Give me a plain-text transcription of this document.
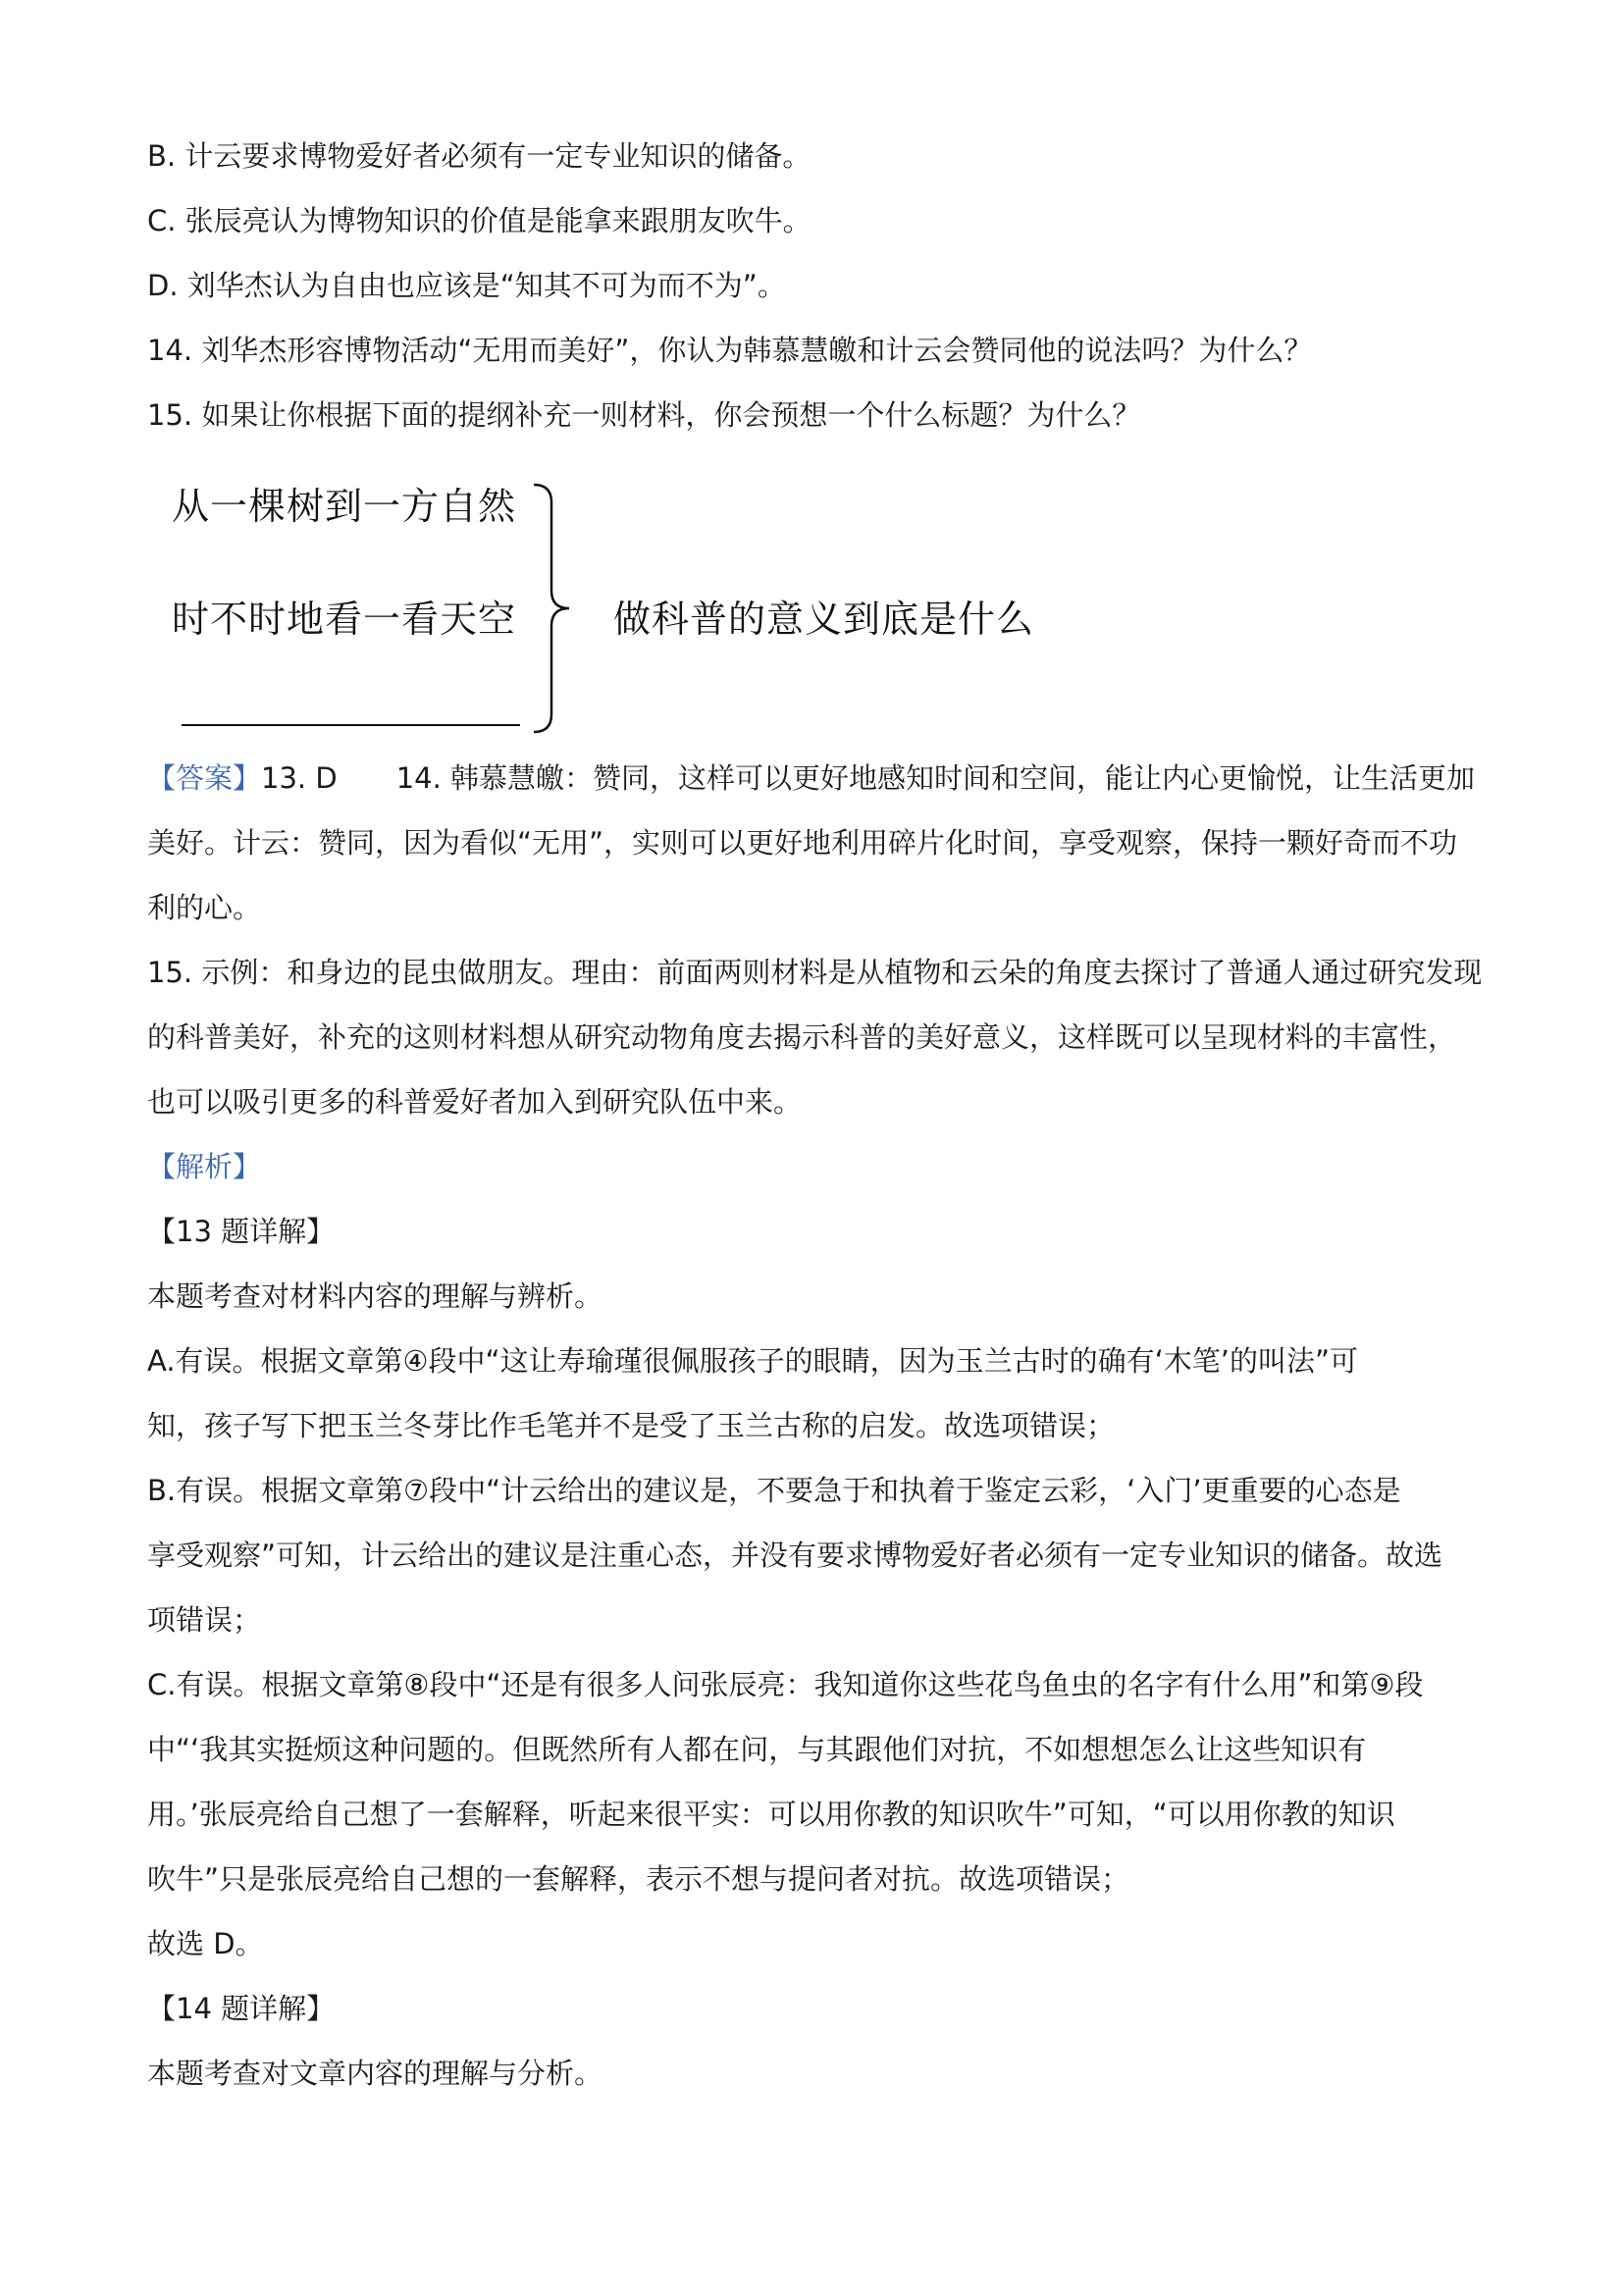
B. 计云要求博物爱好者必须有一定专业知识的储备。
C. 张辰亮认为博物知识的价值是能拿来跟朋友吹牛。
D. 刘华杰认为自由也应该是“知其不可为而不为”。
14. 刘华杰形容博物活动“无用而美好”，你认为韩慕慧皦和计云会赞同他的说法吗？为什么？
15. 如果让你根据下面的提纲补充一则材料，你会预想一个什么标题？为什么？
从一棵树到一方自然
时不时地看一看天空	做科普的意义到底是什么
【答案】13. D 14. 韩慕慧皦：赞同，这样可以更好地感知时间和空间，能让内心更愉悦，让生活更加
美好。计云：赞同，因为看似“无用”，实则可以更好地利用碎片化时间，享受观察，保持一颗好奇而不功
利的心。
15. 示例：和身边的昆虫做朋友。理由：前面两则材料是从植物和云朵的角度去探讨了普通人通过研究发现
的科普美好，补充的这则材料想从研究动物角度去揭示科普的美好意义，这样既可以呈现材料的丰富性，
也可以吸引更多的科普爱好者加入到研究队伍中来。
【解析】
【13 题详解】
本题考查对材料内容的理解与辨析。
A.有误。根据文章第④段中“这让寿瑜瑾很佩服孩子的眼睛，因为玉兰古时的确有‘木笔’的叫法”可
知，孩子写下把玉兰冬芽比作毛笔并不是受了玉兰古称的启发。故选项错误；
B.有误。根据文章第⑦段中“计云给出的建议是，不要急于和执着于鉴定云彩，‘入门’更重要的心态是
享受观察”可知，计云给出的建议是注重心态，并没有要求博物爱好者必须有一定专业知识的储备。故选
项错误；
C.有误。根据文章第⑧段中“还是有很多人问张辰亮：我知道你这些花鸟鱼虫的名字有什么用”和第⑨段
中“‘我其实挺烦这种问题的。但既然所有人都在问，与其跟他们对抗，不如想想怎么让这些知识有
用。’张辰亮给自己想了一套解释，听起来很平实：可以用你教的知识吹牛”可知，“可以用你教的知识
吹牛”只是张辰亮给自己想的一套解释，表示不想与提问者对抗。故选项错误；
故选 D。
【14 题详解】
本题考查对文章内容的理解与分析。
